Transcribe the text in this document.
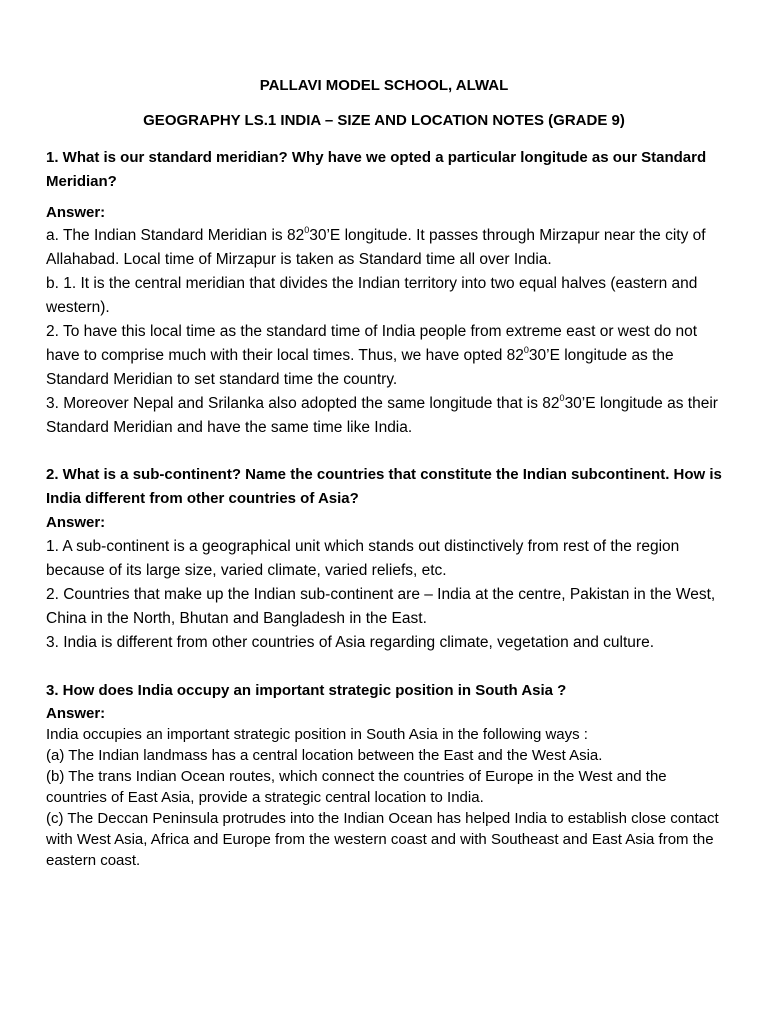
PALLAVI MODEL SCHOOL, ALWAL
GEOGRAPHY LS.1 INDIA – SIZE AND LOCATION NOTES (GRADE 9)
1. What is our standard meridian? Why have we opted a particular longitude as our Standard Meridian?
Answer:

a. The Indian Standard Meridian is $82^030’E$ longitude. It passes through Mirzapur near the city of Allahabad. Local time of Mirzapur is taken as Standard time all over India.

b. 1. It is the central meridian that divides the Indian territory into two equal halves (eastern and western).

2. To have this local time as the standard time of India people from extreme east or west do not have to comprise much with their local times. Thus, we have opted $82^030’E$ longitude as the Standard Meridian to set standard time the country.

3. Moreover Nepal and Srilanka also adopted the same longitude that is $82^030’E$ longitude as their Standard Meridian and have the same time like India.

2. What is a sub-continent? Name the countries that constitute the Indian subcontinent. How is India different from other countries of Asia?
Answer:

1. A sub-continent is a geographical unit which stands out distinctively from rest of the region because of its large size, varied climate, varied reliefs, etc.

2. Countries that make up the Indian sub-continent are – India at the centre, Pakistan in the West, China in the North, Bhutan and Bangladesh in the East.

3. India is different from other countries of Asia regarding climate, vegetation and culture.

3. How does India occupy an important strategic position in South Asia ?
Answer:

India occupies an important strategic position in South Asia in the following ways :

(a) The Indian landmass has a central location between the East and the West Asia.

(b) The trans Indian Ocean routes, which connect the countries of Europe in the West and the countries of East Asia, provide a strategic central location to India.

(c) The Deccan Peninsula protrudes into the Indian Ocean has helped India to establish close contact with West Asia, Africa and Europe from the western coast and with Southeast and East Asia from the eastern coast.
